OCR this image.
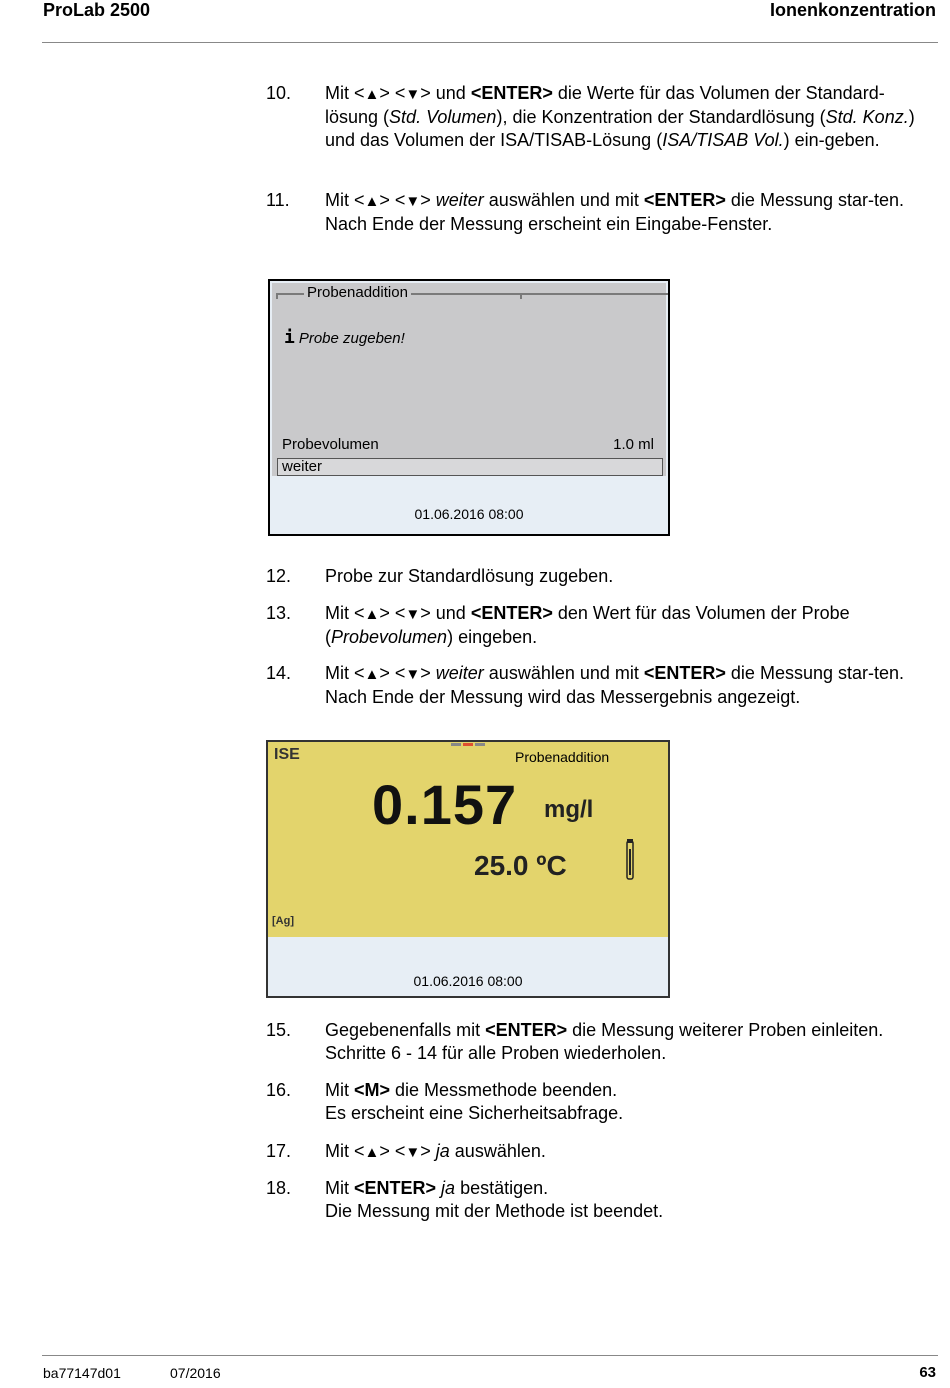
ProLab 2500	Ionenkonzentration
10. Mit <▲> <▼> und <ENTER> die Werte für das Volumen der Standard-lösung (Std. Volumen), die Konzentration der Standardlösung (Std. Konz.) und das Volumen der ISA/TISAB-Lösung (ISA/TISAB Vol.) ein-geben.
11. Mit <▲> <▼> weiter auswählen und mit <ENTER> die Messung star-ten.
Nach Ende der Messung erscheint ein Eingabe-Fenster.
Probenaddition
i Probe zugeben!
Probevolumen	1.0 ml
weiter
01.06.2016 08:00
12. Probe zur Standardlösung zugeben.
13. Mit <▲> <▼> und <ENTER> den Wert für das Volumen der Probe (Probevolumen) eingeben.
14. Mit <▲> <▼> weiter auswählen und mit <ENTER> die Messung star-ten.
Nach Ende der Messung wird das Messergebnis angezeigt.
ISE	Probenaddition
0.157 mg/l
25.0 ºC
[Ag]
01.06.2016 08:00
15. Gegebenenfalls mit <ENTER> die Messung weiterer Proben einleiten.
Schritte 6 - 14 für alle Proben wiederholen.
16. Mit <M> die Messmethode beenden.
Es erscheint eine Sicherheitsabfrage.
17. Mit <▲> <▼> ja auswählen.
18. Mit <ENTER> ja bestätigen.
Die Messung mit der Methode ist beendet.
ba77147d01	07/2016	63
